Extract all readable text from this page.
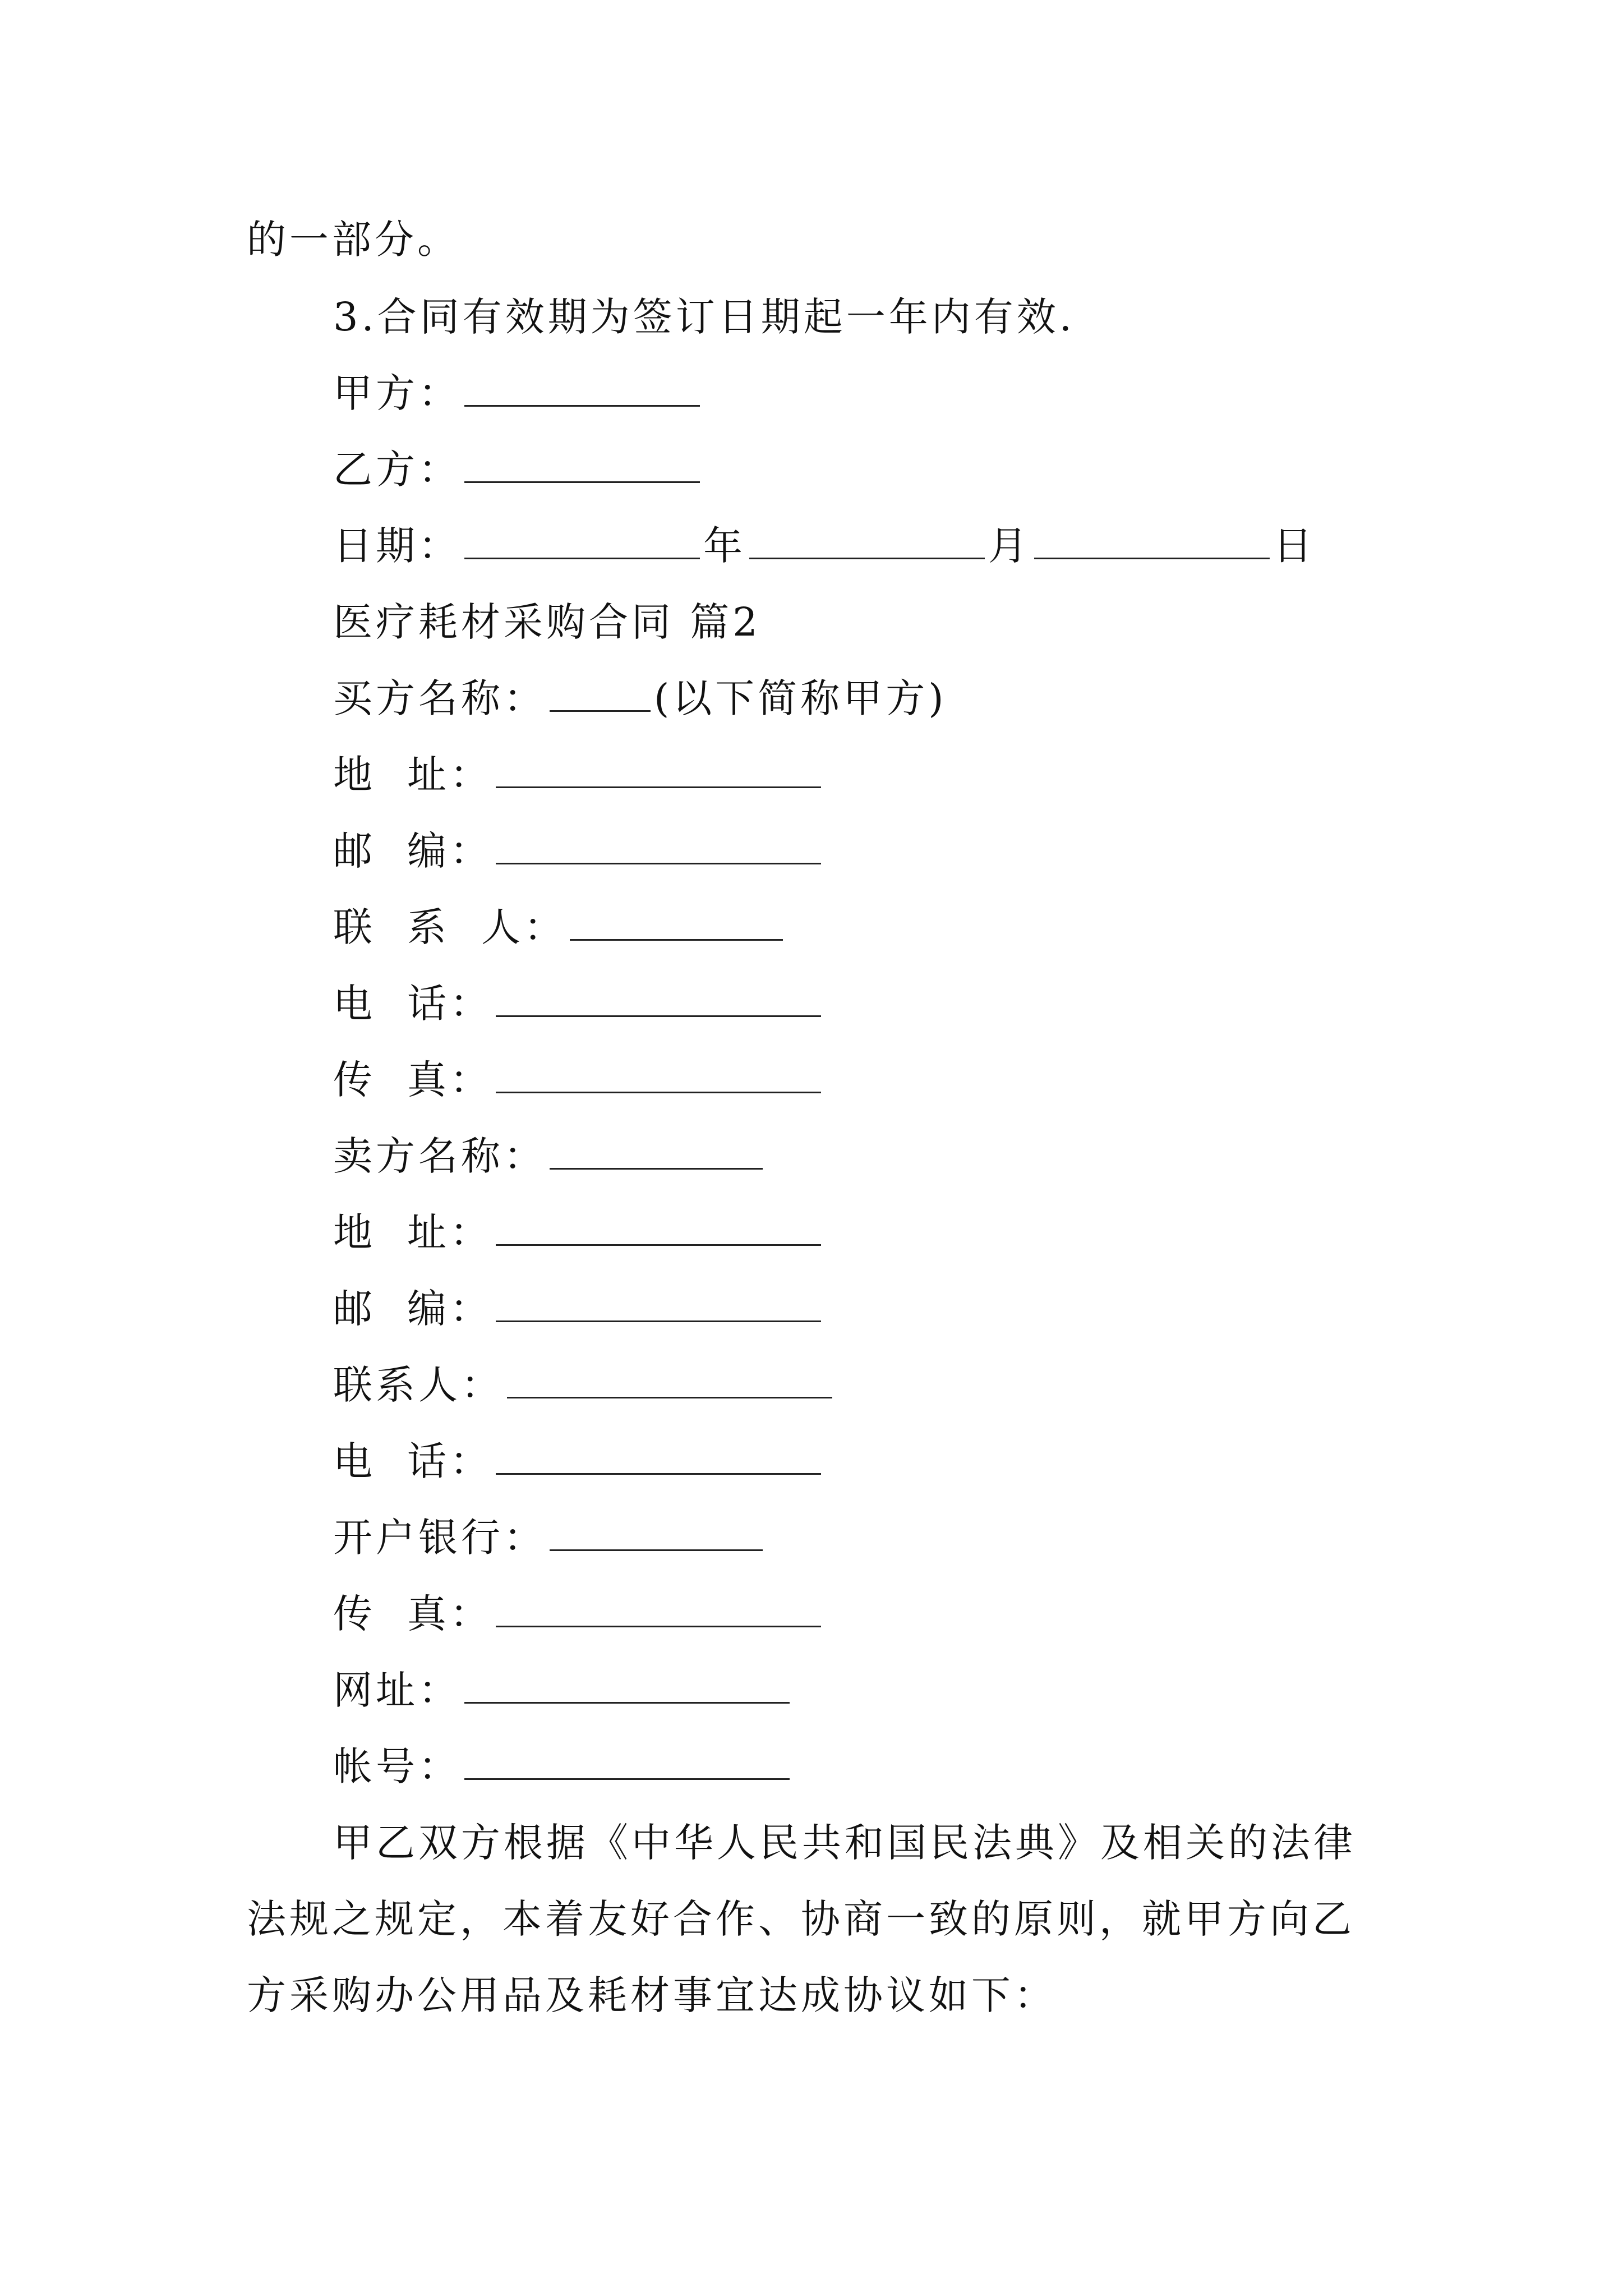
的一部分。
3.合同有效期为签订日期起一年内有效.
甲方：
乙方：
日期：	年	月	日
医疗耗材采购合同 篇2
买方名称：	(以下简称甲方)
地 址：
邮 编：
联 系 人：
电 话：
传 真：
卖方名称：
地 址：
邮 编：
联系人：
电 话：
开户银行：
传 真：
网址：
帐号：
甲乙双方根据《中华人民共和国民法典》及相关的法律
法规之规定，本着友好合作、协商一致的原则，就甲方向乙
方采购办公用品及耗材事宜达成协议如下：
